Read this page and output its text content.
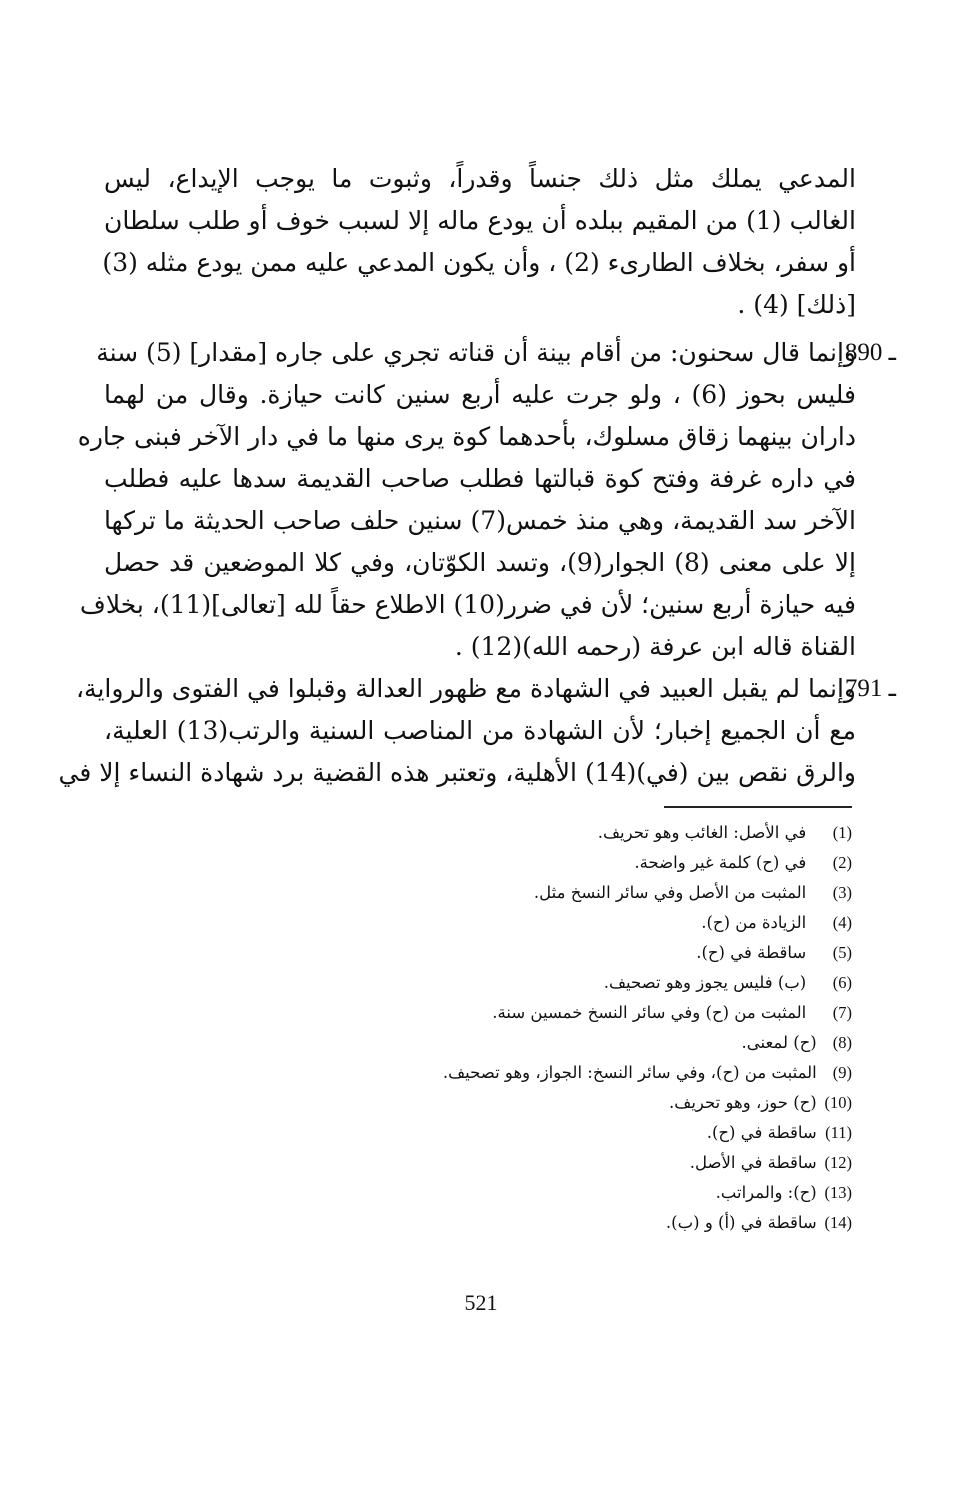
المدعي يملك مثل ذلك جنساً وقدراً، وثبوت ما يوجب الإيداع، ليس
الغالب (1) من المقيم ببلده أن يودع ماله إلا لسبب خوف أو طلب سلطان
أو سفر، بخلاف الطارىء (2) ، وأن يكون المدعي عليه ممن يودع مثله (3)
[ذلك] (4) .

890 ـ
وإنما قال سحنون: من أقام بينة أن قناته تجري على جاره [مقدار] (5) سنة
فليس بحوز (6) ، ولو جرت عليه أربع سنين كانت حيازة. وقال من لهما
داران بينهما زقاق مسلوك، بأحدهما كوة يرى منها ما في دار الآخر فبنى جاره
في داره غرفة وفتح كوة قبالتها فطلب صاحب القديمة سدها عليه فطلب
الآخر سد القديمة، وهي منذ خمس(7) سنين حلف صاحب الحديثة ما تركها
إلا على معنى (8) الجوار(9)، وتسد الكوّتان، وفي كلا الموضعين قد حصل
فيه حيازة أربع سنين؛ لأن في ضرر(10) الاطلاع حقاً لله [تعالى](11)، بخلاف
القناة قاله ابن عرفة (رحمه الله)(12) .

791 ـ
وإنما لم يقبل العبيد في الشهادة مع ظهور العدالة وقبلوا في الفتوى والرواية،
مع أن الجميع إخبار؛ لأن الشهادة من المناصب السنية والرتب(13) العلية،
والرق نقص بين (في)(14) الأهلية، وتعتبر هذه القضية برد شهادة النساء إلا في

(1)   في الأصل: الغائب وهو تحريف.
(2)   في (ح) كلمة غير واضحة.
(3)   المثبت من الأصل وفي سائر النسخ مثل.
(4)   الزيادة من (ح).
(5)   ساقطة في (ح).
(6)   (ب) فليس يجوز وهو تصحيف.
(7)   المثبت من (ح) وفي سائر النسخ خمسين سنة.
(8) (ح) لمعنى.
(9) المثبت من (ح)، وفي سائر النسخ: الجواز، وهو تصحيف.
(10) (ح) حوز، وهو تحريف.
(11) ساقطة في (ح).
(12) ساقطة في الأصل.
(13) (ح): والمراتب.
(14) ساقطة في (أ) و (ب).
521
